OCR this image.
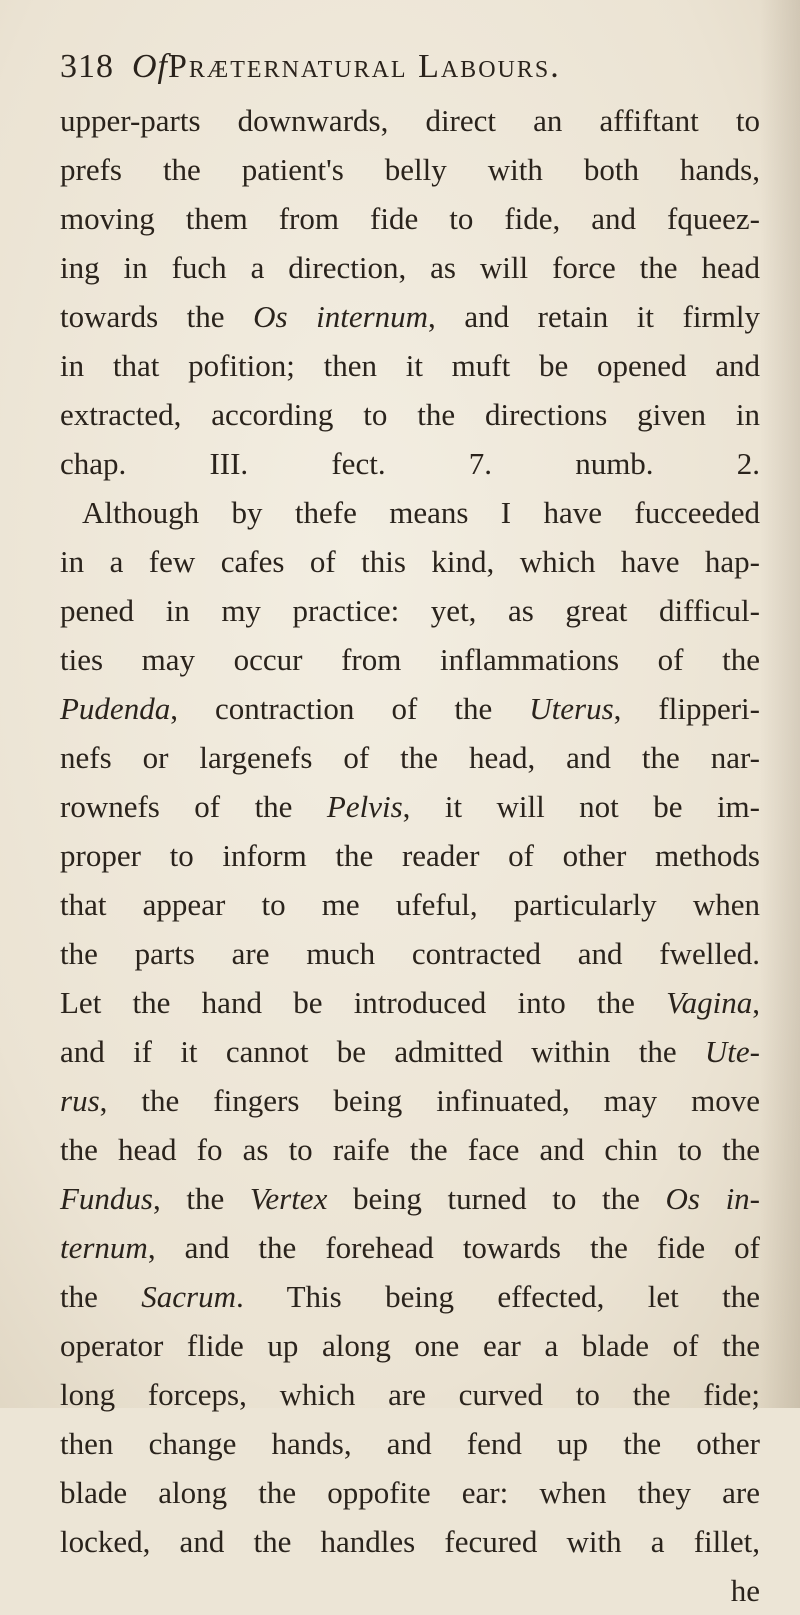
318 OfPræternatural Labours.
upper-parts downwards, direct an affiftant to
prefs the patient's belly with both hands,
moving them from fide to fide, and fqueez-
ing in fuch a direction, as will force the head
towards the Os internum, and retain it firmly
in that pofition; then it muft be opened and
extracted, according to the directions given in
chap. III. fect. 7. numb. 2.
Although by thefe means I have fucceeded
in a few cafes of this kind, which have hap-
pened in my practice: yet, as great difficul-
ties may occur from inflammations of the
Pudenda, contraction of the Uterus, flipperi-
nefs or largenefs of the head, and the nar-
rownefs of the Pelvis, it will not be im-
proper to inform the reader of other methods
that appear to me ufeful, particularly when
the parts are much contracted and fwelled.
Let the hand be introduced into the Vagina,
and if it cannot be admitted within the Ute-
rus, the fingers being infinuated, may move
the head fo as to raife the face and chin to the
Fundus, the Vertex being turned to the Os in-
ternum, and the forehead towards the fide of
the Sacrum. This being effected, let the
operator flide up along one ear a blade of the
long forceps, which are curved to the fide;
then change hands, and fend up the other
blade along the oppofite ear: when they are
locked, and the handles fecured with a fillet,
he
